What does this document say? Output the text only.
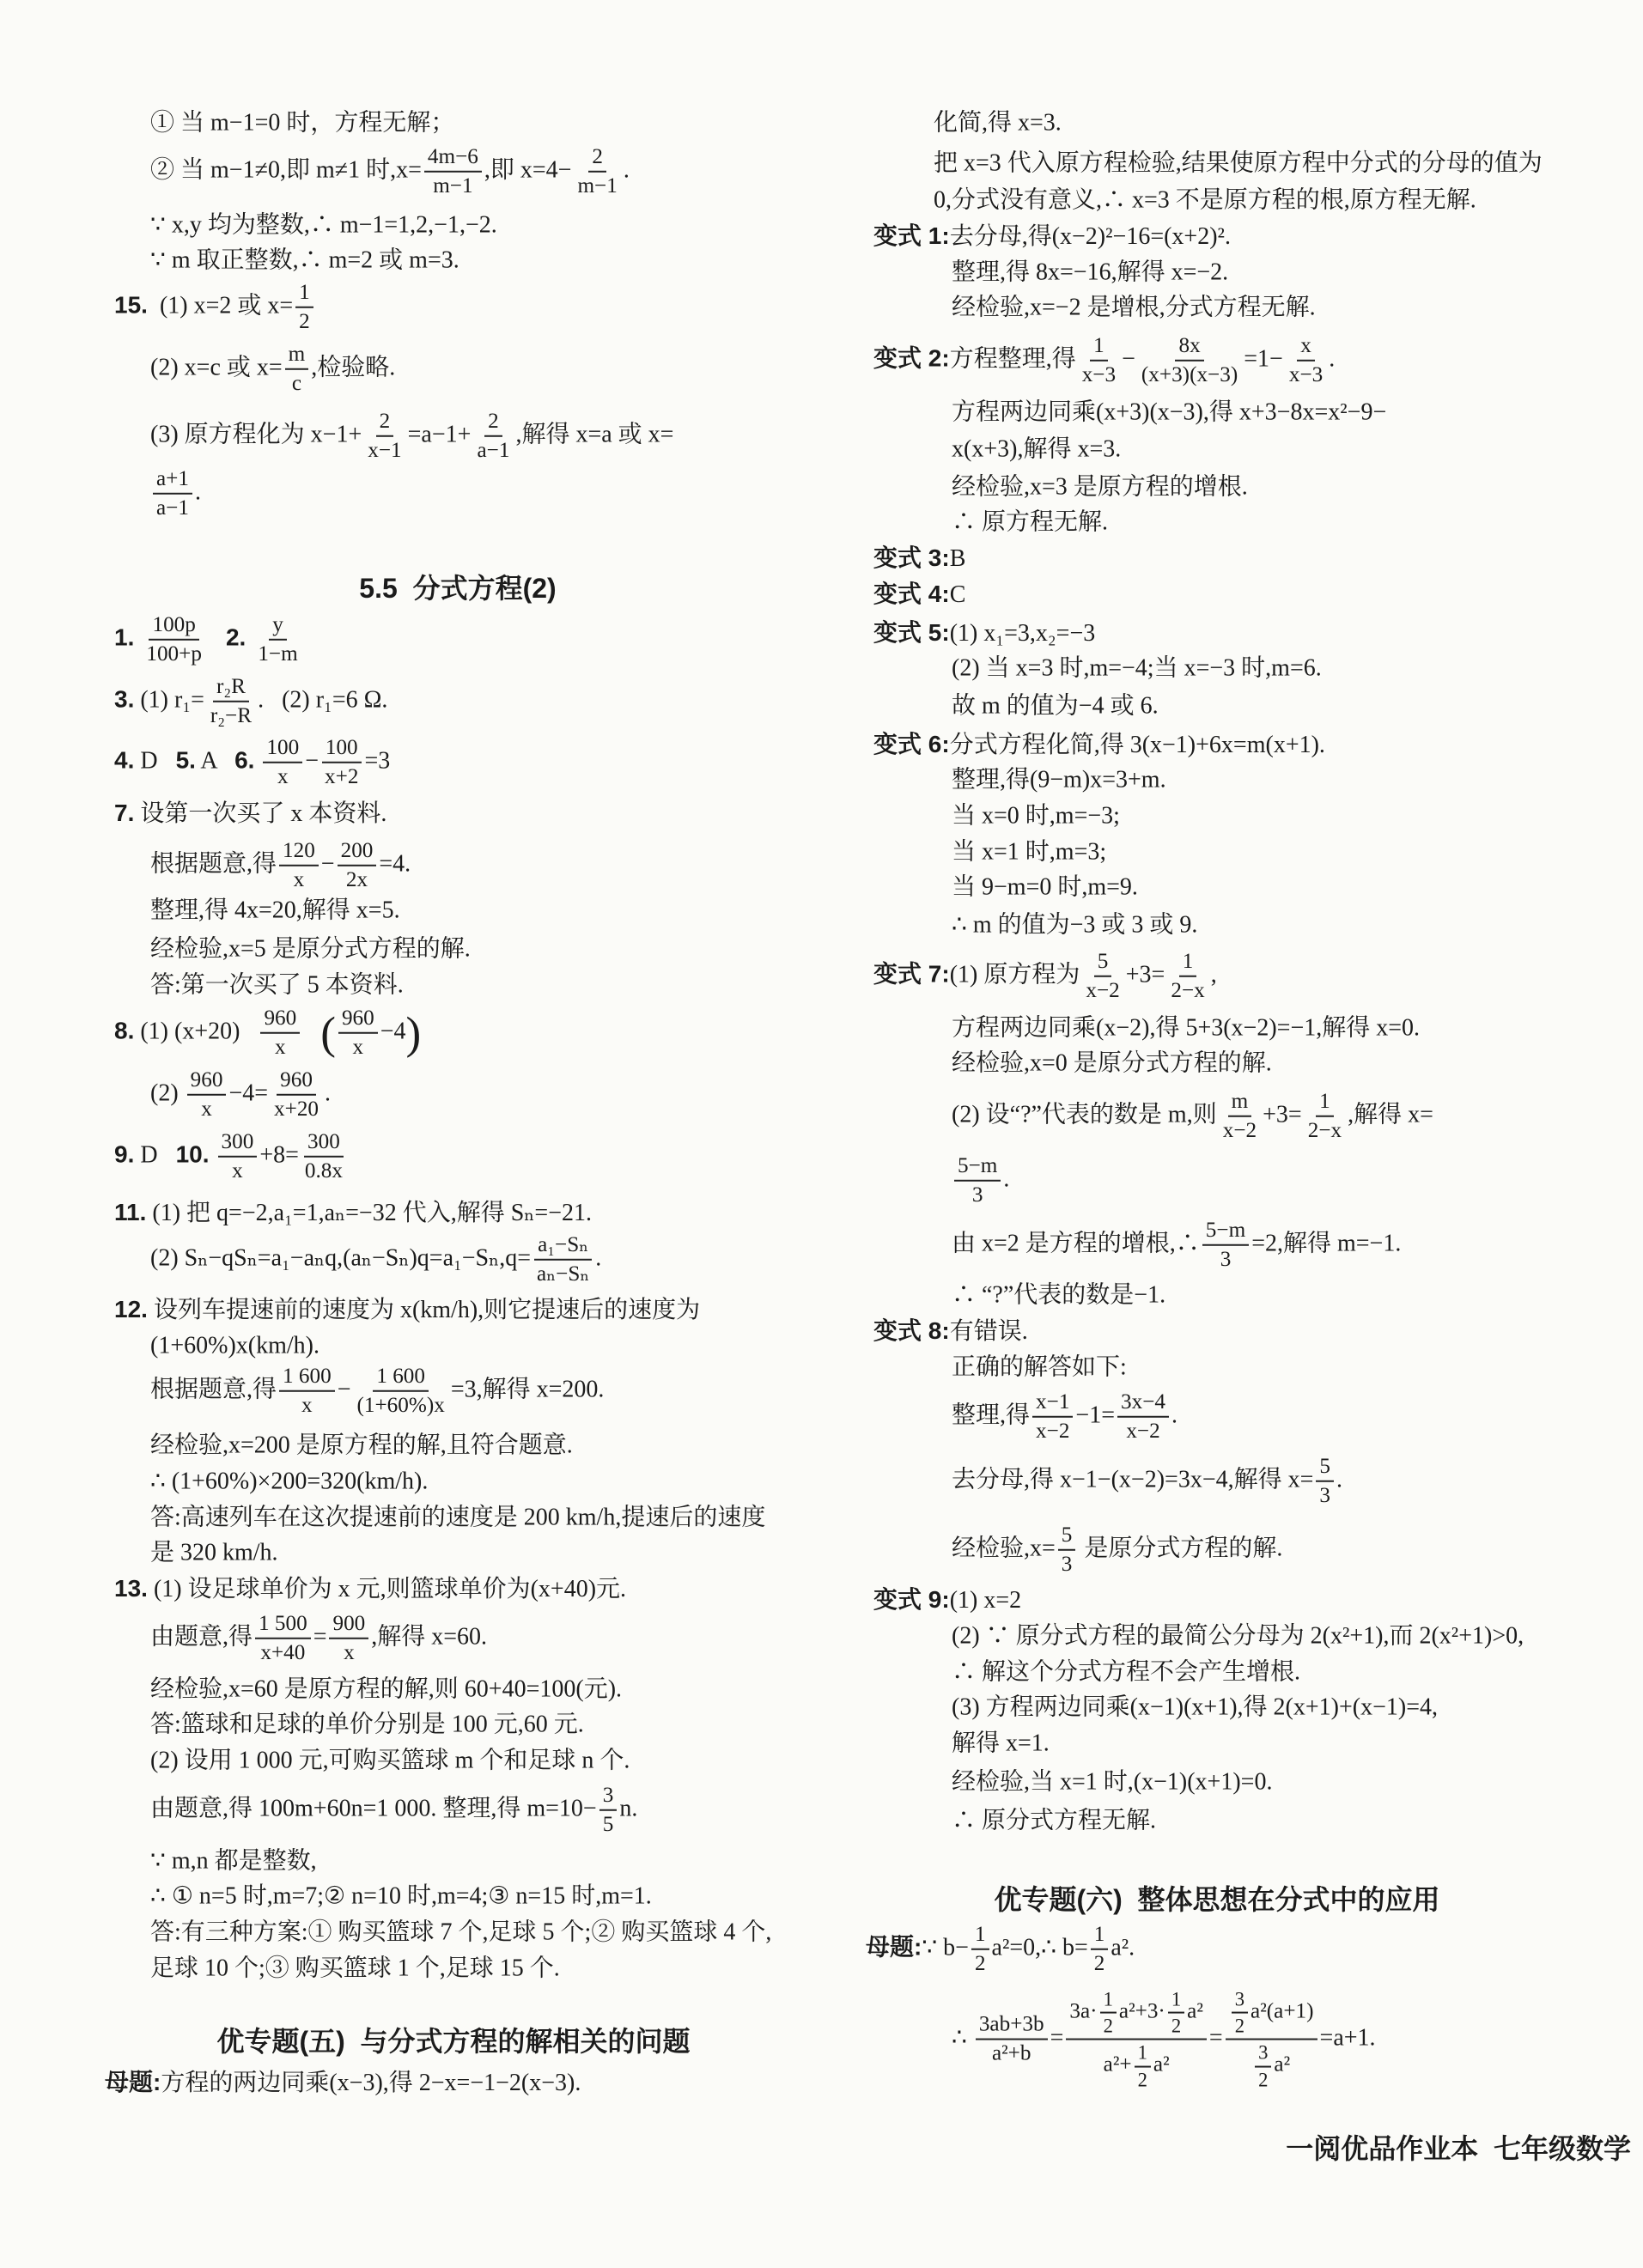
① 当 m−1=0 时，方程无解；
② 当 m−1≠0,即 m≠1 时$,x= \frac{4m-6}{m-1}$ ,即 $x=4- \frac{2}{m-1}$ .
∵ x,y 均为整数,∴ m−1=1,2,−1,−2.
∵ m 取正整数,∴ m=2 或 m=3.
15.  (1) x=2 或 $x= \frac{1}{2}$
(2) x=c 或 $x= \frac{m}{c}$ ,检验略.
(3) 原方程化为 $x-1+ \frac{2}{x-1} =a-1+ \frac{2}{a-1}$ ,解得 x=a 或 x=
$\frac{a+1}{a-1}$ .
5.5  分式方程(2)
1. $\frac{100p}{100+p} 2$. $\frac{y}{1-m}$
3. (1) $r_1= \frac{\text{r₂R}}{\text{r₂−R}}$ .   (2) r₁=6 Ω.
4. D   5. A   6. $\frac{100}{x} - \frac{100}{x+2} =3$
7. 设第一次买了 x 本资料.
根据题意,得 $\frac{120}{x} - \frac{200}{2x} =4$.
整理,得 4x=20,解得 x=5.
经检验,x=5 是原分式方程的解.
答:第一次买了 5 本资料.
8. (1) $(x+20) \frac{960}{x}$ ( $\frac{960}{x} -4$)
$(2) \frac{960}{x} -4= \frac{960}{x+20}$ .
9. D   10. $\frac{300}{x} +8= \frac{300}{0.8x}$
11. (1) 把 q=−2,a₁=1,aₙ=−32 代入,解得 Sₙ=−21.
(2) $S_n-qS_n=a_1-a_nq,(a_n-S_n)q=a_1-S_n,q= \frac{\text{a₁−Sₙ}}{\text{aₙ−Sₙ}}$ .
12. 设列车提速前的速度为 x(km/h),则它提速后的速度为
(1+60%)x(km/h).
根据题意,得 $\frac{1 600}{x} - \frac{1 600}{(1+60\%)x} =3$,解得 x=200.
经检验,x=200 是原方程的解,且符合题意.
∴ (1+60%)×200=320(km/h).
答:高速列车在这次提速前的速度是 200 km/h,提速后的速度
是 320 km/h.
13. (1) 设足球单价为 x 元,则篮球单价为(x+40)元.
由题意,得 $\frac{1 500}{x+40} = \frac{900}{x}$ ,解得 x=60.
经检验,x=60 是原方程的解,则 60+40=100(元).
答:篮球和足球的单价分别是 100 元,60 元.
(2) 设用 1 000 元,可购买篮球 m 个和足球 n 个.
由题意,得 100m+60n=1 000. 整理,得 $m=10- \frac{3}{5} n$.
∵ m,n 都是整数,
∴ ① n=5 时,m=7;② n=10 时,m=4;③ n=15 时,m=1.
答:有三种方案:① 购买篮球 7 个,足球 5 个;② 购买篮球 4 个,
足球 10 个;③ 购买篮球 1 个,足球 15 个.
优专题(五)  与分式方程的解相关的问题
母题:方程的两边同乘(x−3),得 2−x=−1−2(x−3).
化简,得 x=3.
把 x=3 代入原方程检验,结果使原方程中分式的分母的值为
0,分式没有意义,∴ x=3 不是原方程的根,原方程无解.
变式 1:去分母,得(x−2)²−16=(x+2)².
整理,得 8x=−16,解得 x=−2.
经检验,x=−2 是增根,分式方程无解.
变式 2:方程整理,得 $\frac{1}{x-3} - \frac{8x}{(x+3)(x-3)} =1- \frac{x}{x-3}$ .
方程两边同乘(x+3)(x−3),得 x+3−8x=x²−9−
x(x+3),解得 x=3.
经检验,x=3 是原方程的增根.
∴ 原方程无解.
变式 3:B
变式 4:C
变式 5:(1) x₁=3,x₂=−3
(2) 当 x=3 时,m=−4;当 x=−3 时,m=6.
故 m 的值为−4 或 6.
变式 6:分式方程化简,得 3(x−1)+6x=m(x+1).
整理,得(9−m)x=3+m.
当 x=0 时,m=−3;
当 x=1 时,m=3;
当 9−m=0 时,m=9.
∴ m 的值为−3 或 3 或 9.
变式 7:(1) 原方程为 $\frac{5}{x-2} +3= \frac{1}{2-x}$ ,
方程两边同乘(x−2),得 5+3(x−2)=−1,解得 x=0.
经检验,x=0 是原分式方程的解.
(2) 设“?”代表的数是 m,则 $\frac{m}{x-2} +3= \frac{1}{2-x}$ ,解得 x=
$\frac{5-m}{3}$ .
由 x=2 是方程的增根,∴ $\frac{5-m}{3} =2$,解得 m=−1.
∴ “?”代表的数是−1.
变式 8:有错误.
正确的解答如下:
整理,得 $\frac{x-1}{x-2} -1= \frac{3x-4}{x-2}$ .
去分母,得 x−1−(x−2)=3x−4,解得 $x= \frac{5}{3}$ .
经检验$,x= \frac{5}{3}$ 是原分式方程的解.
变式 9:(1) x=2
(2) ∵ 原分式方程的最简公分母为 2(x²+1),而 2(x²+1)>0,
∴ 解这个分式方程不会产生增根.
(3) 方程两边同乘(x−1)(x+1),得 2(x+1)+(x−1)=4,
解得 x=1.
经检验,当 x=1 时,(x−1)(x+1)=0.
∴ 原分式方程无解.
优专题(六)  整体思想在分式中的应用
母题:∵ $b- \frac{1}{2}$ a²=0,∴ $b= \frac{1}{2} a^2$.
∴ $\frac{3ab+3b}{\text{a²+b}} = \frac{3a\cdot \frac{1}{2} a^2+3\cdot \frac{1}{2} a^2}{a^2+ \frac{1}{2} a^2} = \frac{\frac{3}{2} a^2(a+1)}{\frac{3}{2} a^2} =a+1$.
一阅优品作业本  七年级数学
